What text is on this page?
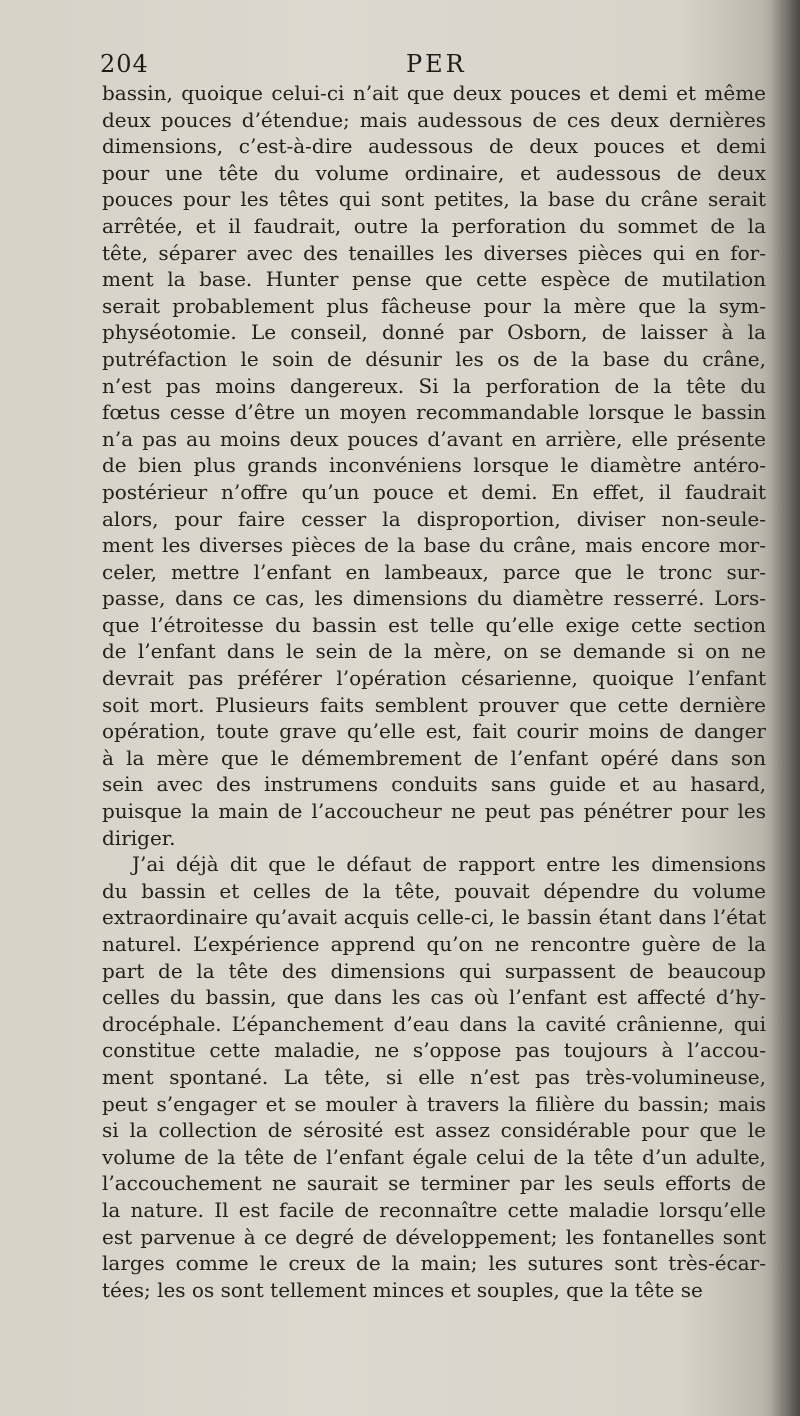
204	PER
bassin, quoique celui-ci n’ait que deux pouces et demi et même
deux pouces d’étendue; mais audessous de ces deux dernières
dimensions, c’est-à-dire audessous de deux pouces et demi
pour une tête du volume ordinaire, et audessous de deux
pouces pour les têtes qui sont petites, la base du crâne serait
arrêtée, et il faudrait, outre la perforation du sommet de la
tête, séparer avec des tenailles les diverses pièces qui en for-
ment la base. Hunter pense que cette espèce de mutilation
serait probablement plus fâcheuse pour la mère que la sym-
physéotomie. Le conseil, donné par Osborn, de laisser à la
putréfaction le soin de désunir les os de la base du crâne,
n’est pas moins dangereux. Si la perforation de la tête du
fœtus cesse d’être un moyen recommandable lorsque le bassin
n’a pas au moins deux pouces d’avant en arrière, elle présente
de bien plus grands inconvéniens lorsque le diamètre antéro-
postérieur n’offre qu’un pouce et demi. En effet, il faudrait
alors, pour faire cesser la disproportion, diviser non-seule-
ment les diverses pièces de la base du crâne, mais encore mor-
celer, mettre l’enfant en lambeaux, parce que le tronc sur-
passe, dans ce cas, les dimensions du diamètre resserré. Lors-
que l’étroitesse du bassin est telle qu’elle exige cette section
de l’enfant dans le sein de la mère, on se demande si on ne
devrait pas préférer l’opération césarienne, quoique l’enfant
soit mort. Plusieurs faits semblent prouver que cette dernière
opération, toute grave qu’elle est, fait courir moins de danger
à la mère que le démembrement de l’enfant opéré dans son
sein avec des instrumens conduits sans guide et au hasard,
puisque la main de l’accoucheur ne peut pas pénétrer pour les
diriger.
J’ai déjà dit que le défaut de rapport entre les dimensions
du bassin et celles de la tête, pouvait dépendre du volume
extraordinaire qu’avait acquis celle-ci, le bassin étant dans l’état
naturel. L’expérience apprend qu’on ne rencontre guère de la
part de la tête des dimensions qui surpassent de beaucoup
celles du bassin, que dans les cas où l’enfant est affecté d’hy-
drocéphale. L’épanchement d’eau dans la cavité crânienne, qui
constitue cette maladie, ne s’oppose pas toujours à l’accou-
ment spontané. La tête, si elle n’est pas très-volumineuse,
peut s’engager et se mouler à travers la filière du bassin; mais
si la collection de sérosité est assez considérable pour que le
volume de la tête de l’enfant égale celui de la tête d’un adulte,
l’accouchement ne saurait se terminer par les seuls efforts de
la nature. Il est facile de reconnaître cette maladie lorsqu’elle
est parvenue à ce degré de développement; les fontanelles sont
larges comme le creux de la main; les sutures sont très-écar-
tées; les os sont tellement minces et souples, que la tête se
